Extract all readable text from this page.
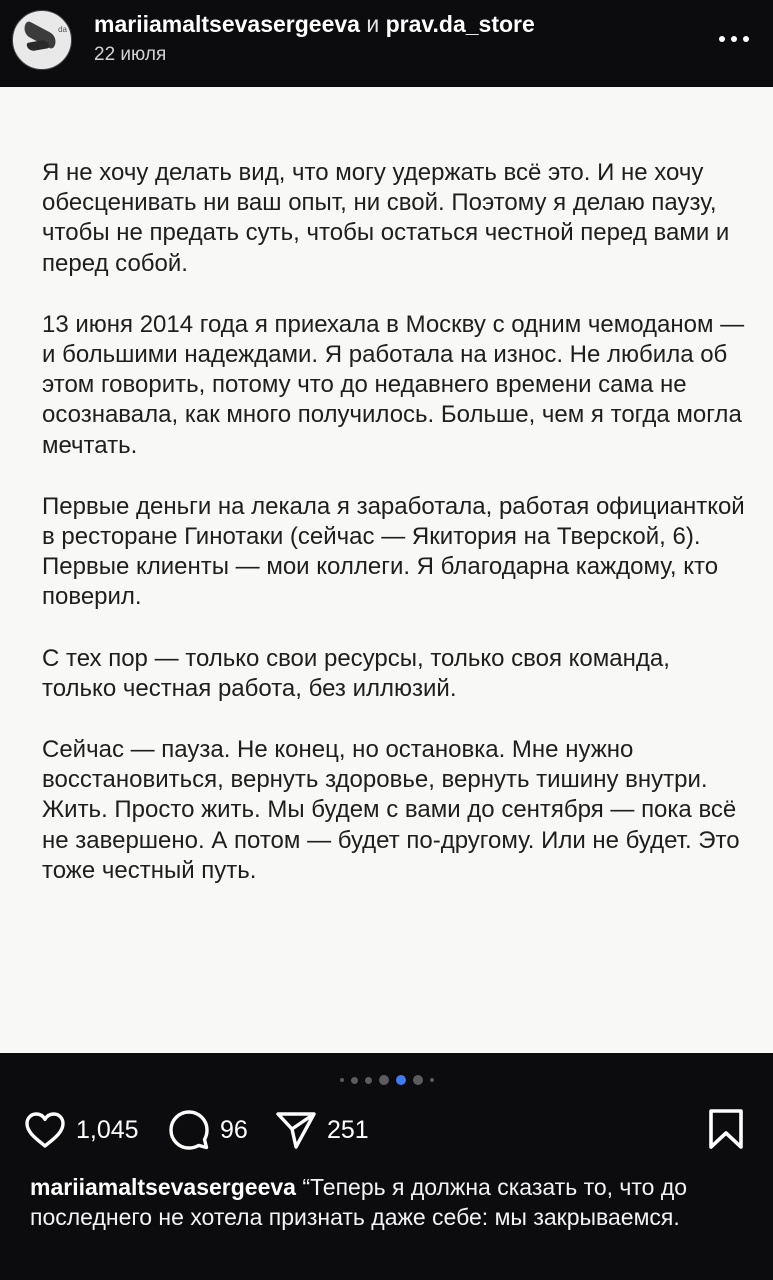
da mariiamaltsevasergeeva и prav.da_store
22 июля

Я не хочу делать вид, что могу удержать всё это. И не хочу обесценивать ни ваш опыт, ни свой. Поэтому я делаю паузу, чтобы не предать суть, чтобы остаться честной перед вами и перед собой.

13 июня 2014 года я приехала в Москву с одним чемоданом — и большими надеждами. Я работала на износ. Не любила об этом говорить, потому что до недавнего времени сама не осознавала, как много получилось. Больше, чем я тогда могла мечтать.

Первые деньги на лекала я заработала, работая официанткой в ресторане Гинотаки (сейчас — Якитория на Тверской, 6). Первые клиенты — мои коллеги. Я благодарна каждому, кто поверил.

С тех пор — только свои ресурсы, только своя команда, только честная работа, без иллюзий.

Сейчас — пауза. Не конец, но остановка. Мне нужно восстановиться, вернуть здоровье, вернуть тишину внутри. Жить. Просто жить. Мы будем с вами до сентября — пока всё не завершено. А потом — будет по-другому. Или не будет. Это тоже честный путь.

1,045	96	251
mariiamaltsevasergeeva “Теперь я должна сказать то, что до последнего не хотела признать даже себе: мы закрываемся.
